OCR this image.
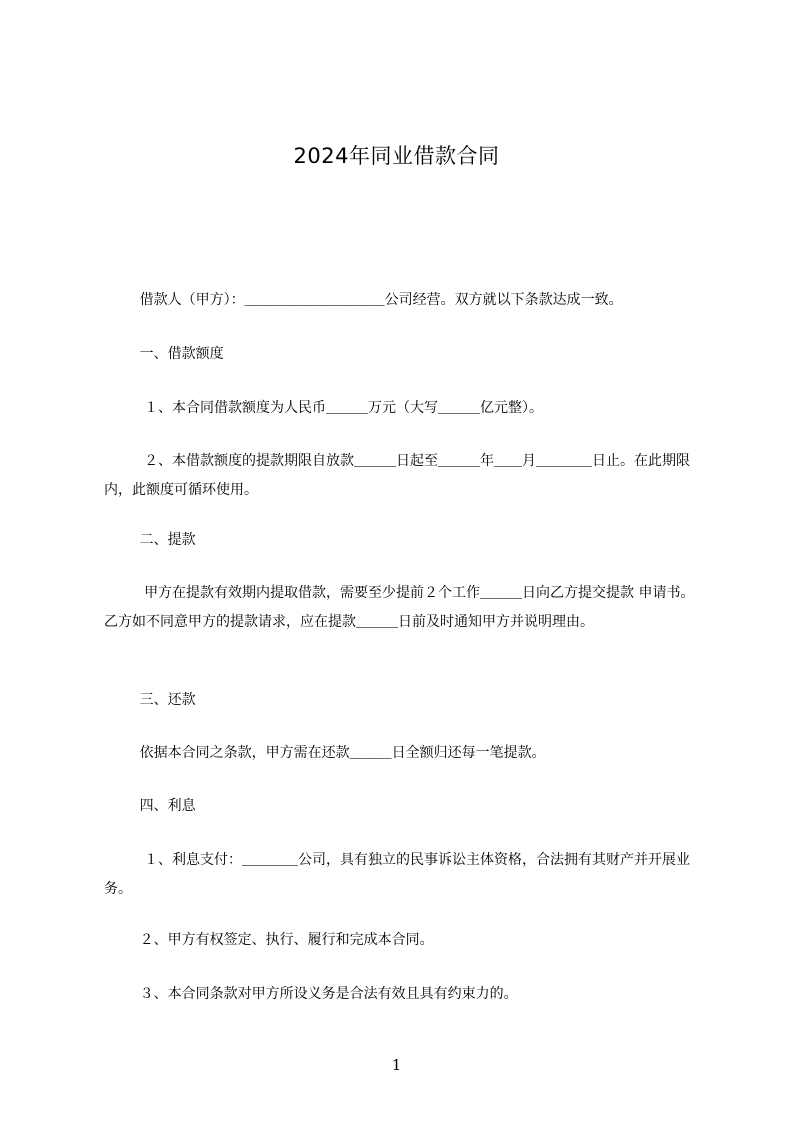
2024年同业借款合同
借款人（甲方）：＿＿＿＿＿＿＿＿＿＿公司经营。双方就以下条款达成一致。
一、借款额度
１、本合同借款额度为人民币＿＿＿万元（大写＿＿＿亿元整）。
２、本借款额度的提款期限自放款＿＿＿日起至＿＿＿年＿＿月＿＿＿＿日止。在此期限内，此额度可循环使用。
二、提款
甲方在提款有效期内提取借款，需要至少提前２个工作＿＿＿日向乙方提交提款 申请书。乙方如不同意甲方的提款请求，应在提款＿＿＿日前及时通知甲方并说明理由。
三、还款
依据本合同之条款，甲方需在还款＿＿＿日全额归还每一笔提款。
四、利息
１、利息支付：＿＿＿＿公司，具有独立的民事诉讼主体资格，合法拥有其财产并开展业务。
２、甲方有权签定、执行、履行和完成本合同。
３、本合同条款对甲方所设义务是合法有效且具有约束力的。
1
